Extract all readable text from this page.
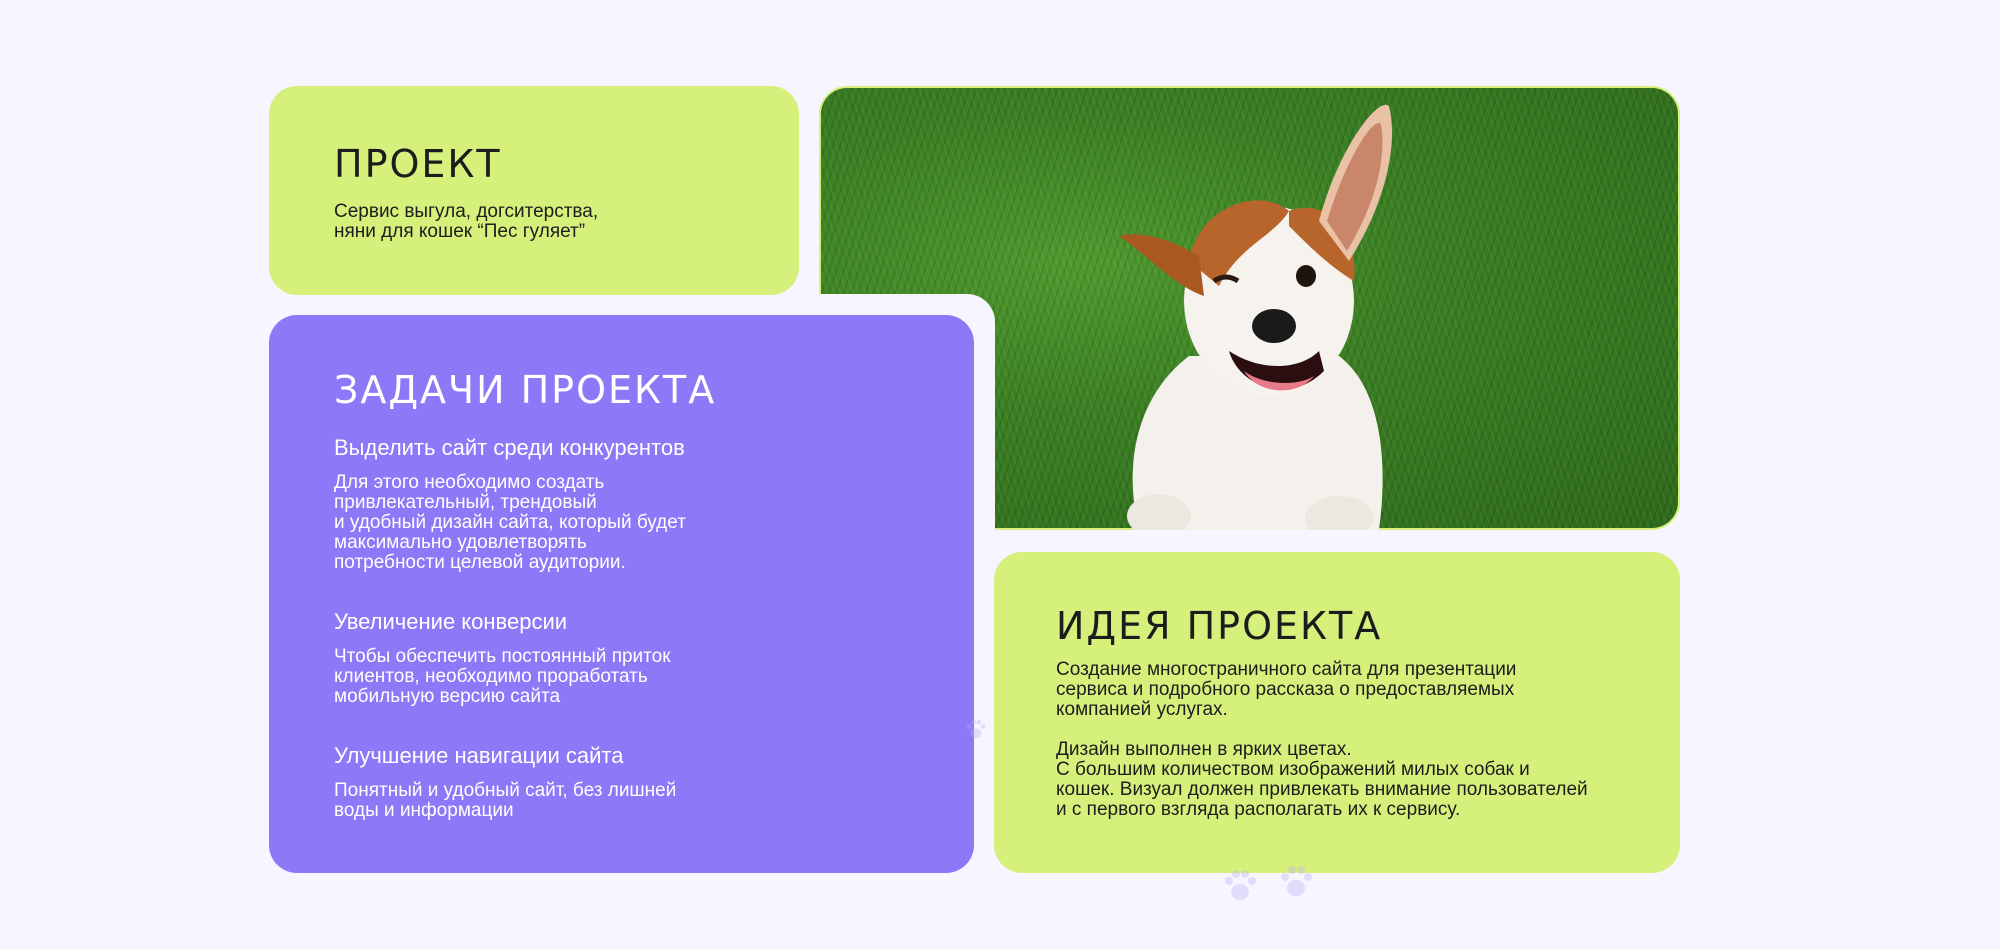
ПРОЕКТ

Сервис выгула, догситерства,
няни для кошек “Пес гуляет”

ЗАДАЧИ ПРОЕКТА
Выделить сайт среди конкурентов

Для этого необходимо создать
привлекательный, трендовый
и удобный дизайн сайта, который будет
максимально удовлетворять
потребности целевой аудитории.

Увеличение конверсии

Чтобы обеспечить постоянный приток
клиентов, необходимо проработать
мобильную версию сайта

Улучшение навигации сайта

Понятный и удобный сайт, без лишней
воды и информации

ИДЕЯ ПРОЕКТА

Создание многостраничного сайта для презентации
сервиса и подробного рассказа о предоставляемых
компанией услугах.

Дизайн выполнен в ярких цветах.
С большим количеством изображений милых собак и
кошек. Визуал должен привлекать внимание пользователей
и с первого взгляда располагать их к сервису.
